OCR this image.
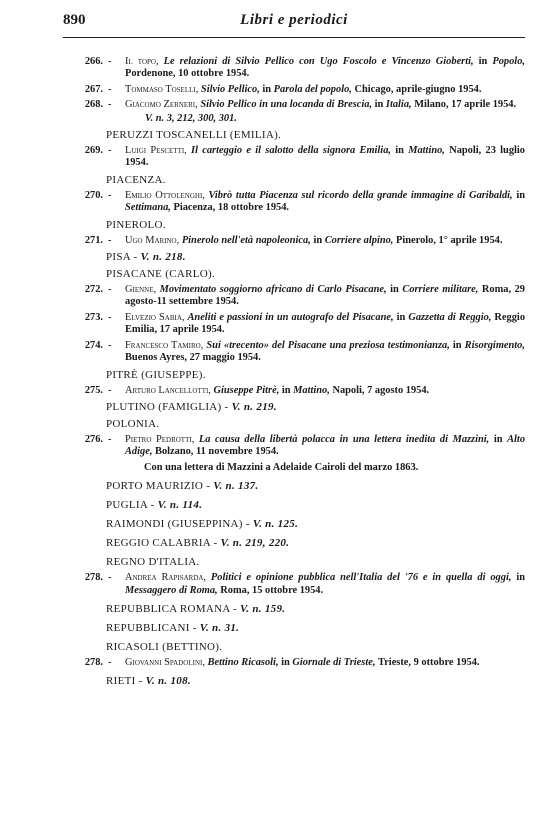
890	Libri e periodici
266. - Il topo, Le relazioni di Silvio Pellico con Ugo Foscolo e Vincenzo Gioberti, in Popolo, Pordenone, 10 ottobre 1954.
267. - Tommaso Toselli, Silvio Pellico, in Parola del popolo, Chicago, aprile-giugno 1954.
268. - Giacomo Zerneri, Silvio Pellico in una locanda di Brescia, in Italia, Milano, 17 aprile 1954.
V. n. 3, 212, 300, 301.
PERUZZI TOSCANELLI (EMILIA).
269. - Luigi Pescetti, Il carteggio e il salotto della signora Emilia, in Mattino, Napoli, 23 luglio 1954.
PIACENZA.
270. - Emilio Ottolenghi, Vibrò tutta Piacenza sul ricordo della grande immagine di Garibaldi, in Settimana, Piacenza, 18 ottobre 1954.
PINEROLO.
271. - Ugo Marino, Pinerolo nell'età napoleonica, in Corriere alpino, Pinerolo, 1° aprile 1954.
PISA - V. n. 218.
PISACANE (CARLO).
272. - Gienne, Movimentato soggiorno africano di Carlo Pisacane, in Corriere militare, Roma, 29 agosto-11 settembre 1954.
273. - Elvezio Sabia, Aneliti e passioni in un autografo del Pisacane, in Gazzetta di Reggio, Reggio Emilia, 17 aprile 1954.
274. - Francesco Tamiro, Sui «trecento» del Pisacane una preziosa testimonianza, in Risorgimento, Buenos Ayres, 27 maggio 1954.
PITRÈ (GIUSEPPE).
275. - Arturo Lancellotti, Giuseppe Pitrè, in Mattino, Napoli, 7 agosto 1954.
PLUTINO (FAMIGLIA) - V. n. 219.
POLONIA.
276. - Pietro Pedrotti, La causa della libertà polacca in una lettera inedita di Mazzini, in Alto Adige, Bolzano, 11 novembre 1954.
Con una lettera di Mazzini a Adelaide Cairoli del marzo 1863.
PORTO MAURIZIO - V. n. 137.
PUGLIA - V. n. 114.
RAIMONDI (GIUSEPPINA) - V. n. 125.
REGGIO CALABRIA - V. n. 219, 220.
REGNO D'ITALIA.
278. - Andrea Rapisarda, Politici e opinione pubblica nell'Italia del '76 e in quella di oggi, in Messaggero di Roma, Roma, 15 ottobre 1954.
REPUBBLICA ROMANA - V. n. 159.
REPUBBLICANI - V. n. 31.
RICASOLI (BETTINO).
278. - Giovanni Spadolini, Bettino Ricasoli, in Giornale di Trieste, Trieste, 9 ottobre 1954.
RIETI - V. n. 108.
